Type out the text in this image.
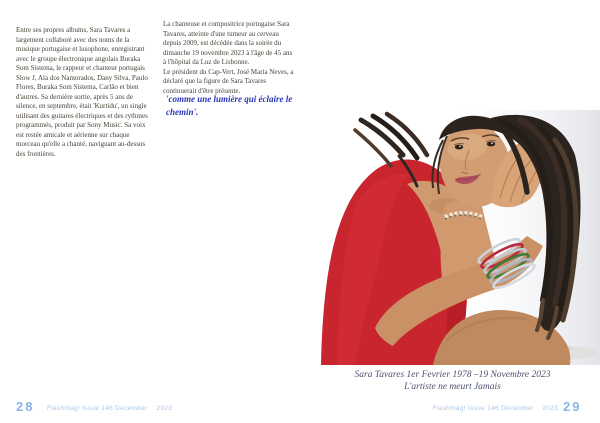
Entre ses propres albums, Sara Tavares a largement collaboré avec des noms de la musique portugaise et lusophone, enregistrant avec le groupe électronique angolais Buraka Som Sistema, le rappeur et chanteur portugais Slow J, Ala dos Namorados, Dany Silva, Paulo Flores, Buraka Som Sistema, Carlão et bien d'autres. Sa dernière sortie, après 5 ans de silence, en septembre, était 'Kurtidu', un single utilisant des guitares électriques et des rythmes programmés, produit par Sony Music. Sa voix est restée amicale et aérienne sur chaque morceau qu'elle a chanté, naviguant au-dessus des frontières.

La chanteuse et compositrice portugaise Sara Tavares, atteinte d'une tumeur au cerveau depuis 2009, est décédée dans la soirée du dimanche 19 novembre 2023 à l'âge de 45 ans à l'hôpital da Luz de Lisbonne.

Le président du Cap-Vert, José Maria Neves, a déclaré que la figure de Sara Tavares continuerait d'être présente.

'comme une lumière qui éclaire le chemin'.
Sara Tavares 1er Fevrier 1978 –19 Novembre 2023
L'artiste ne meurt Jamais
28 Flashmag! Issue 146 December 2023	Flashmag! Issue 146 December 2023 29
